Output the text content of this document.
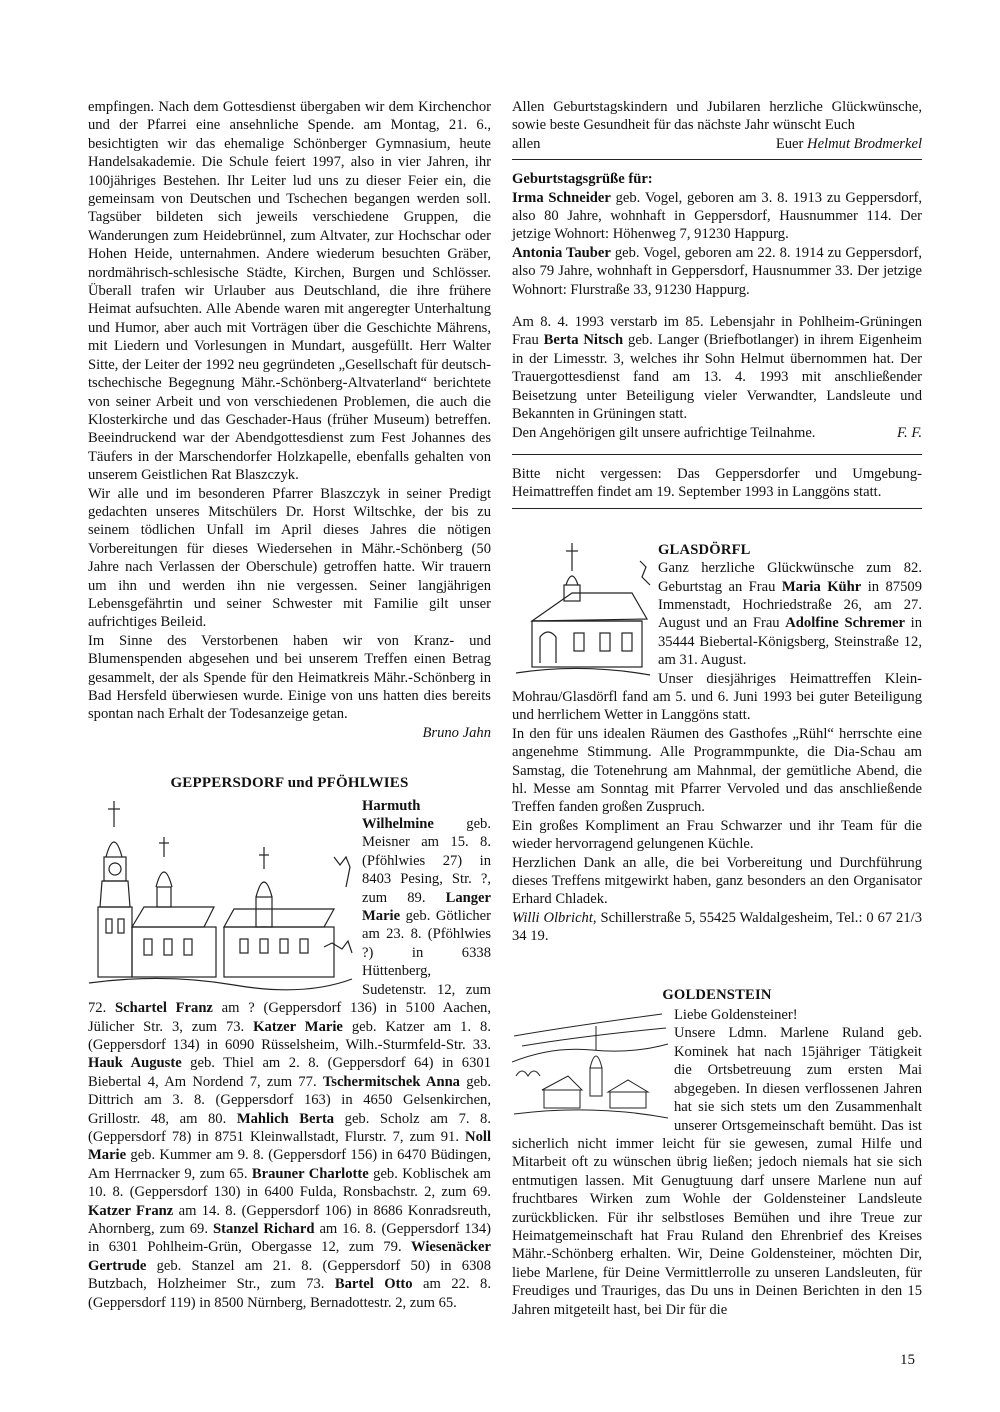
empfingen. Nach dem Gottesdienst übergaben wir dem Kirchenchor und der Pfarrei eine ansehnliche Spende. am Montag, 21. 6., besichtigten wir das ehemalige Schönberger Gymnasium, heute Handelsakademie. Die Schule feiert 1997, also in vier Jahren, ihr 100jähriges Bestehen. Ihr Leiter lud uns zu dieser Feier ein, die gemeinsam von Deutschen und Tschechen begangen werden soll. Tagsüber bildeten sich jeweils verschiedene Gruppen, die Wanderungen zum Heidebrünnel, zum Altvater, zur Hochschar oder Hohen Heide, unternahmen. Andere wiederum besuchten Gräber, nordmährisch-schlesische Städte, Kirchen, Burgen und Schlösser. Überall trafen wir Urlauber aus Deutschland, die ihre frühere Heimat aufsuchten. Alle Abende waren mit angeregter Unterhaltung und Humor, aber auch mit Vorträgen über die Geschichte Mährens, mit Liedern und Vorlesungen in Mundart, ausgefüllt. Herr Walter Sitte, der Leiter der 1992 neu gegründeten „Gesellschaft für deutsch-tschechische Begegnung Mähr.-Schönberg-Altvaterland“ berichtete von seiner Arbeit und von verschiedenen Problemen, die auch die Klosterkirche und das Geschader-Haus (früher Museum) betreffen. Beeindruckend war der Abendgottesdienst zum Fest Johannes des Täufers in der Marschendorfer Holzkapelle, ebenfalls gehalten von unserem Geistlichen Rat Blaszczyk.

Wir alle und im besonderen Pfarrer Blaszczyk in seiner Predigt gedachten unseres Mitschülers Dr. Horst Wiltschke, der bis zu seinem tödlichen Unfall im April dieses Jahres die nötigen Vorbereitungen für dieses Wiedersehen in Mähr.-Schönberg (50 Jahre nach Verlassen der Oberschule) getroffen hatte. Wir trauern um ihn und werden ihn nie vergessen. Seiner langjährigen Lebensgefährtin und seiner Schwester mit Familie gilt unser aufrichtiges Beileid.

Im Sinne des Verstorbenen haben wir von Kranz- und Blumenspenden abgesehen und bei unserem Treffen einen Betrag gesammelt, der als Spende für den Heimatkreis Mähr.-Schönberg in Bad Hersfeld überwiesen wurde. Einige von uns hatten dies bereits spontan nach Erhalt der Todesanzeige getan.

Bruno Jahn

GEPPERSDORF und PFÖHLWIES

Harmuth Wilhelmine geb. Meisner am 15. 8. (Pföhlwies 27) in 8403 Pesing, Str. ?, zum 89. Langer Marie geb. Götlicher am 23. 8. (Pföhlwies ?) in 6338 Hüttenberg, Sudetenstr. 12, zum 72. Schartel Franz am ? (Geppersdorf 136) in 5100 Aachen, Jülicher Str. 3, zum 73. Katzer Marie geb. Katzer am 1. 8. (Geppersdorf 134) in 6090 Rüsselsheim, Wilh.-Sturmfeld-Str. 33. Hauk Auguste geb. Thiel am 2. 8. (Geppersdorf 64) in 6301 Biebertal 4, Am Nordend 7, zum 77. Tschermitschek Anna geb. Dittrich am 3. 8. (Geppersdorf 163) in 4650 Gelsenkirchen, Grillostr. 48, am 80. Mahlich Berta geb. Scholz am 7. 8. (Geppersdorf 78) in 8751 Kleinwallstadt, Flurstr. 7, zum 91. Noll Marie geb. Kummer am 9. 8. (Geppersdorf 156) in 6470 Büdingen, Am Herrnacker 9, zum 65. Brauner Charlotte geb. Koblischek am 10. 8. (Geppersdorf 130) in 6400 Fulda, Ronsbachstr. 2, zum 69. Katzer Franz am 14. 8. (Geppersdorf 106) in 8686 Konradsreuth, Ahornberg, zum 69. Stanzel Richard am 16. 8. (Geppersdorf 134) in 6301 Pohlheim-Grün, Obergasse 12, zum 79. Wiesenäcker Gertrude geb. Stanzel am 21. 8. (Geppersdorf 50) in 6308 Butzbach, Holzheimer Str., zum 73. Bartel Otto am 22. 8. (Geppersdorf 119) in 8500 Nürnberg, Bernadottestr. 2, zum 65.

Allen Geburtstagskindern und Jubilaren herzliche Glückwünsche, sowie beste Gesundheit für das nächste Jahr wünscht Euch

allen	Euer Helmut Brodmerkel

Geburtstagsgrüße für:

Irma Schneider geb. Vogel, geboren am 3. 8. 1913 zu Geppersdorf, also 80 Jahre, wohnhaft in Geppersdorf, Hausnummer 114. Der jetzige Wohnort: Höhenweg 7, 91230 Happurg.

Antonia Tauber geb. Vogel, geboren am 22. 8. 1914 zu Geppersdorf, also 79 Jahre, wohnhaft in Geppersdorf, Hausnummer 33. Der jetzige Wohnort: Flurstraße 33, 91230 Happurg.

Am 8. 4. 1993 verstarb im 85. Lebensjahr in Pohlheim-Grüningen Frau Berta Nitsch geb. Langer (Briefbotlanger) in ihrem Eigenheim in der Limesstr. 3, welches ihr Sohn Helmut übernommen hat. Der Trauergottesdienst fand am 13. 4. 1993 mit anschließender Beisetzung unter Beteiligung vieler Verwandter, Landsleute und Bekannten in Grüningen statt.

Den Angehörigen gilt unsere aufrichtige Teilnahme.	F. F.

Bitte nicht vergessen: Das Geppersdorfer und Umgebung-Heimattreffen findet am 19. September 1993 in Langgöns statt.

GLASDÖRFL

Ganz herzliche Glückwünsche zum 82. Geburtstag an Frau Maria Kühr in 87509 Immenstadt, Hochriedstraße 26, am 27. August und an Frau Adolfine Schremer in 35444 Biebertal-Königsberg, Steinstraße 12, am 31. August.

Unser diesjähriges Heimattreffen Klein-Mohrau/Glasdörfl fand am 5. und 6. Juni 1993 bei guter Beteiligung und herrlichem Wetter in Langgöns statt.

In den für uns idealen Räumen des Gasthofes „Rühl“ herrschte eine angenehme Stimmung. Alle Programmpunkte, die Dia-Schau am Samstag, die Totenehrung am Mahnmal, der gemütliche Abend, die hl. Messe am Sonntag mit Pfarrer Vervoled und das anschließende Treffen fanden großen Zuspruch.

Ein großes Kompliment an Frau Schwarzer und ihr Team für die wieder hervorragend gelungenen Küchle.

Herzlichen Dank an alle, die bei Vorbereitung und Durchführung dieses Treffens mitgewirkt haben, ganz besonders an den Organisator Erhard Chladek.

Willi Olbricht, Schillerstraße 5, 55425 Waldalgesheim, Tel.: 0 67 21/3 34 19.

GOLDENSTEIN

Liebe Goldensteiner!

Unsere Ldmn. Marlene Ruland geb. Kominek hat nach 15jähriger Tätigkeit die Ortsbetreuung zum ersten Mai abgegeben. In diesen verflossenen Jahren hat sie sich stets um den Zusammenhalt unserer Ortsgemeinschaft bemüht. Das ist sicherlich nicht immer leicht für sie gewesen, zumal Hilfe und Mitarbeit oft zu wünschen übrig ließen; jedoch niemals hat sie sich entmutigen lassen. Mit Genugtuung darf unsere Marlene nun auf fruchtbares Wirken zum Wohle der Goldensteiner Landsleute zurückblicken. Für ihr selbstloses Bemühen und ihre Treue zur Heimatgemeinschaft hat Frau Ruland den Ehrenbrief des Kreises Mähr.-Schönberg erhalten. Wir, Deine Goldensteiner, möchten Dir, liebe Marlene, für Deine Vermittlerrolle zu unseren Landsleuten, für Freudiges und Trauriges, das Du uns in Deinen Berichten in den 15 Jahren mitgeteilt hast, bei Dir für die

15
